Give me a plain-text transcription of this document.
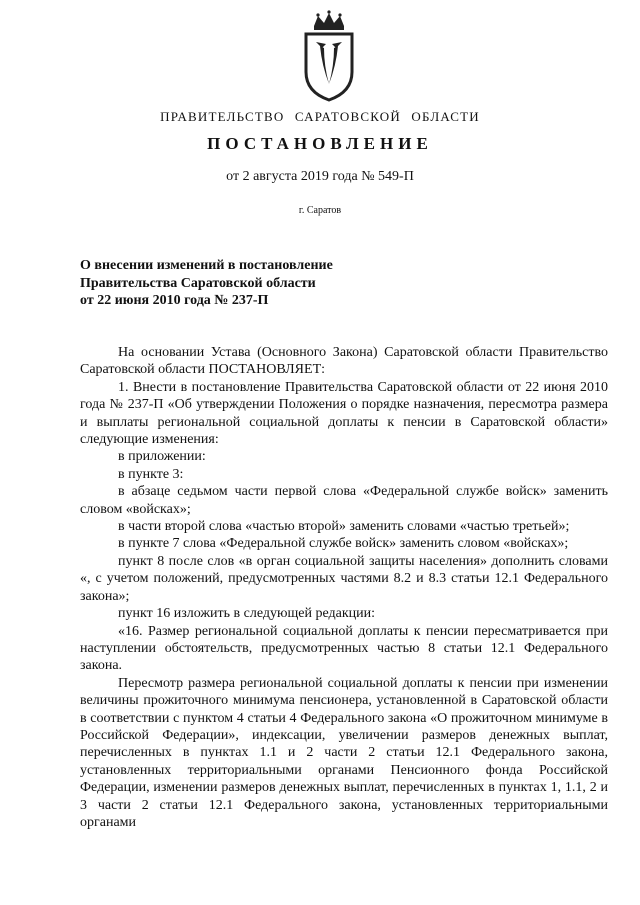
ПРАВИТЕЛЬСТВО САРАТОВСКОЙ ОБЛАСТИ
ПОСТАНОВЛЕНИЕ
от 2 августа 2019 года № 549-П
г. Саратов
О внесении изменений в постановление
Правительства Саратовской области
от 22 июня 2010 года № 237-П

На основании Устава (Основного Закона) Саратовской области Правительство Саратовской области ПОСТАНОВЛЯЕТ:

1. Внести в постановление Правительства Саратовской области от 22 июня 2010 года № 237-П «Об утверждении Положения о порядке назначения, пересмотра размера и выплаты региональной социальной доплаты к пенсии в Саратовской области» следующие изменения:

в приложении:

в пункте 3:

в абзаце седьмом части первой слова «Федеральной службе войск» заменить словом «войсках»;

в части второй слова «частью второй» заменить словами «частью третьей»;

в пункте 7 слова «Федеральной службе войск» заменить словом «войсках»;

пункт 8 после слов «в орган социальной защиты населения» дополнить словами «, с учетом положений, предусмотренных частями 8.2 и 8.3 статьи 12.1 Федерального закона»;

пункт 16 изложить в следующей редакции:

«16. Размер региональной социальной доплаты к пенсии пересматривается при наступлении обстоятельств, предусмотренных частью 8 статьи 12.1 Федерального закона.

Пересмотр размера региональной социальной доплаты к пенсии при изменении величины прожиточного минимума пенсионера, установленной в Саратовской области в соответствии с пунктом 4 статьи 4 Федерального закона «О прожиточном минимуме в Российской Федерации», индексации, увеличении размеров денежных выплат, перечисленных в пунктах 1.1 и 2 части 2 статьи 12.1 Федерального закона, установленных территориальными органами Пенсионного фонда Российской Федерации, изменении размеров денежных выплат, перечисленных в пунктах 1, 1.1, 2 и 3 части 2 статьи 12.1 Федерального закона, установленных территориальными органами
